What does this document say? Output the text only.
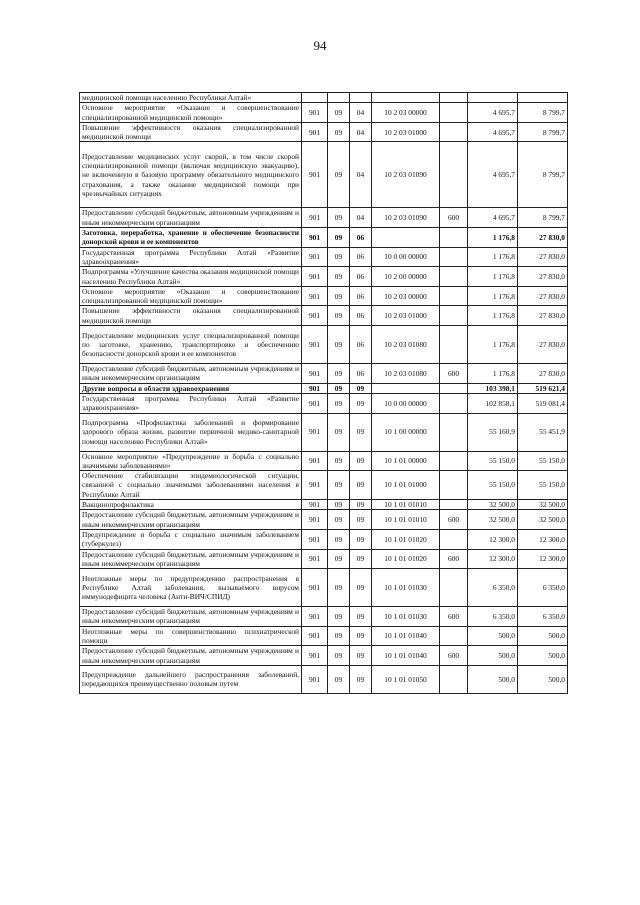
94
медицинской помощи населению Республики Алтай»							
Основное мероприятие «Оказание и совершенствование специализированной медицинской помощи»	901	09	04	10 2 03 00000		4 695,7	8 799,7
Повышение эффективности оказания специализированной медицинской помощи	901	09	04	10 2 03 01000		4 695,7	8 799,7
Предоставление медицинских услуг скорой, в том числе скорой специализированной помощи (включая медицинскую эвакуацию), не включенную в базовую программу обязательного медицинского страхования, а также оказание медицинской помощи при чрезвычайных ситуациях	901	09	04	10 2 03 01090		4 695,7	8 799,7
Предоставление субсидий бюджетным, автономным учреждениям и иным некоммерческим организациям	901	09	04	10 2 03 01090	600	4 695,7	8 799,7
Заготовка, переработка, хранение и обеспечение безопасности донорской крови и ее компонентов	901	09	06			1 176,8	27 830,0
Государственная программа Республики Алтай «Развитие здравоохранения»	901	09	06	10 0 00 00000		1 176,8	27 830,0
Подпрограмма «Улучшение качества оказания медицинской помощи населению Республики Алтай»	901	09	06	10 2 00 00000		1 176,8	27 830,0
Основное мероприятие «Оказание и совершенствование специализированной медицинской помощи»	901	09	06	10 2 03 00000		1 176,8	27 830,0
Повышение эффективности оказания специализированной медицинской помощи	901	09	06	10 2 03 01000		1 176,8	27 830,0
Предоставление медицинских услуг специализированной помощи по заготовке, хранению, транспортировке и обеспечению безопасности донорской крови и ее компонентов	901	09	06	10 2 03 01080		1 176,8	27 830,0
Предоставление субсидий бюджетным, автономным учреждениям и иным некоммерческим организациям	901	09	06	10 2 03 01080	600	1 176,8	27 830,0
Другие вопросы в области здравоохранения	901	09	09			103 398,1	519 621,4
Государственная программа Республики Алтай «Развитие здравоохранения»	901	09	09	10 0 00 00000		102 858,1	519 081,4
Подпрограмма «Профилактика заболеваний и формирование здорового образа жизни, развитие первичной медико-санитарной помощи населению Республики Алтай»	901	09	09	10 1 00 00000		55 160,9	55 451,9
Основное мероприятие «Предупреждение и борьба с социально значимыми заболеваниями»	901	09	09	10 1 01 00000		55 150,0	55 150,0
Обеспечение стабилизации эпидемиологической ситуации, связанной с социально значимыми заболеваниями населения в Республике Алтай	901	09	09	10 1 01 01000		55 150,0	55 150,0
Вакцинопрофилактика	901	09	09	10 1 01 01010		32 500,0	32 500,0
Предоставление субсидий бюджетным, автономным учреждениям и иным некоммерческим организациям	901	09	09	10 1 01 01010	600	32 500,0	32 500,0
Предупреждение и борьба с социально значимым заболеванием (туберкулез)	901	09	09	10 1 01 01020		12 300,0	12 300,0
Предоставление субсидий бюджетным, автономным учреждениям и иным некоммерческим организациям	901	09	09	10 1 01 01020	600	12 300,0	12 300,0
Неотложные меры по предупреждению распространения в Республике Алтай заболевания, вызываемого вирусом иммунодефицита человека (Анти-ВИЧ/СПИД)	901	09	09	10 1 01 01030		6 350,0	6 350,0
Предоставление субсидий бюджетным, автономным учреждениям и иным некоммерческим организациям	901	09	09	10 1 01 01030	600	6 350,0	6 350,0
Неотложные меры по совершенствованию психиатрической помощи	901	09	09	10 1 01 01040		500,0	500,0
Предоставление субсидий бюджетным, автономным учреждениям и иным некоммерческим организациям	901	09	09	10 1 01 01040	600	500,0	500,0
Предупреждение дальнейшего распространения заболеваний, передающихся преимущественно половым путем	901	09	09	10 1 01 01050		500,0	500,0
